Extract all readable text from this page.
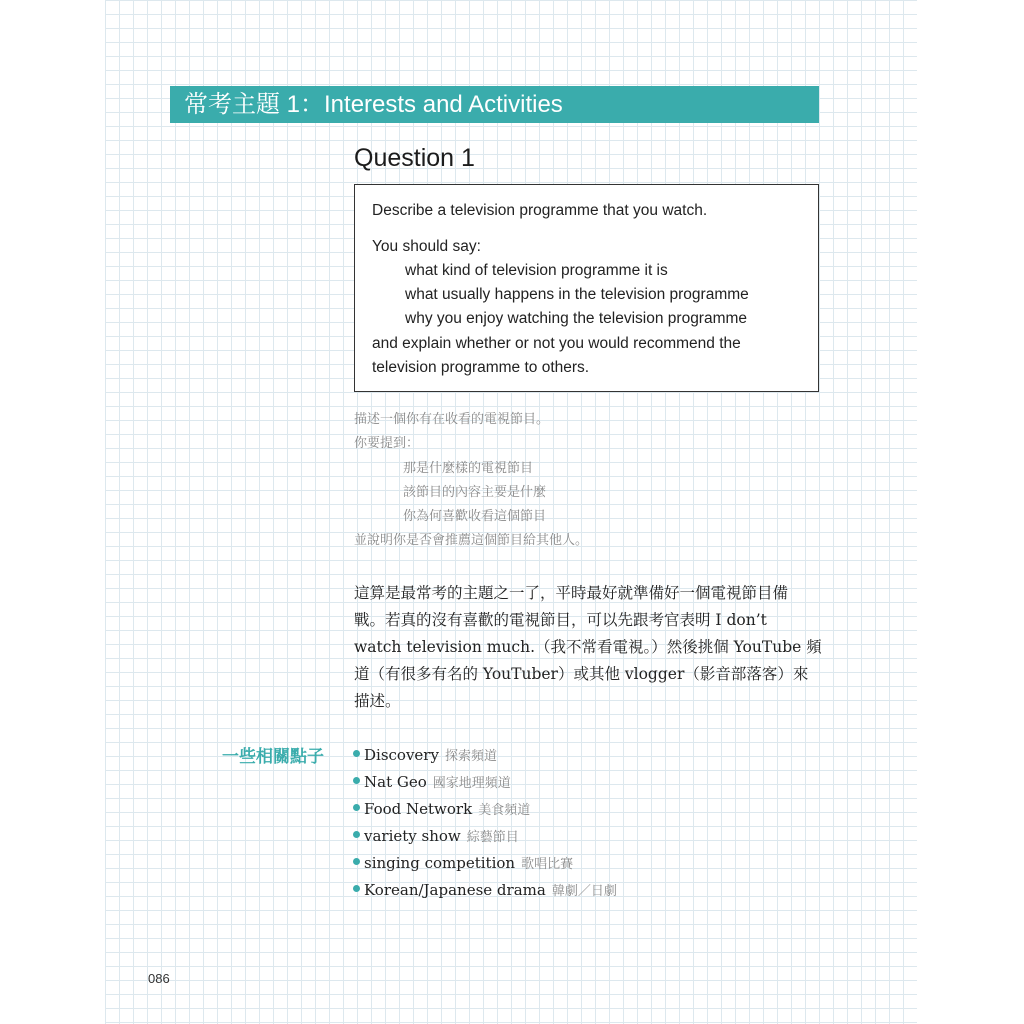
常考主題 1：Interests and Activities
Question 1
Describe a television programme that you watch.
You should say:
what kind of television programme it is
what usually happens in the television programme
why you enjoy watching the television programme
and explain whether or not you would recommend the
television programme to others.
描述一個你有在收看的電視節目。
你要提到：
那是什麼樣的電視節目
該節目的內容主要是什麼
你為何喜歡收看這個節目
並說明你是否會推薦這個節目給其他人。
這算是最常考的主題之一了，平時最好就準備好一個電視節目備
戰。若真的沒有喜歡的電視節目，可以先跟考官表明 I don’t
watch television much.（我不常看電視。）然後挑個 YouTube 頻
道（有很多有名的 YouTuber）或其他 vlogger（影音部落客）來
描述。
一些相關點子	Discovery 探索頻道
Nat Geo 國家地理頻道
Food Network 美食頻道
variety show 綜藝節目
singing competition 歌唱比賽
Korean/Japanese drama 韓劇／日劇
086
